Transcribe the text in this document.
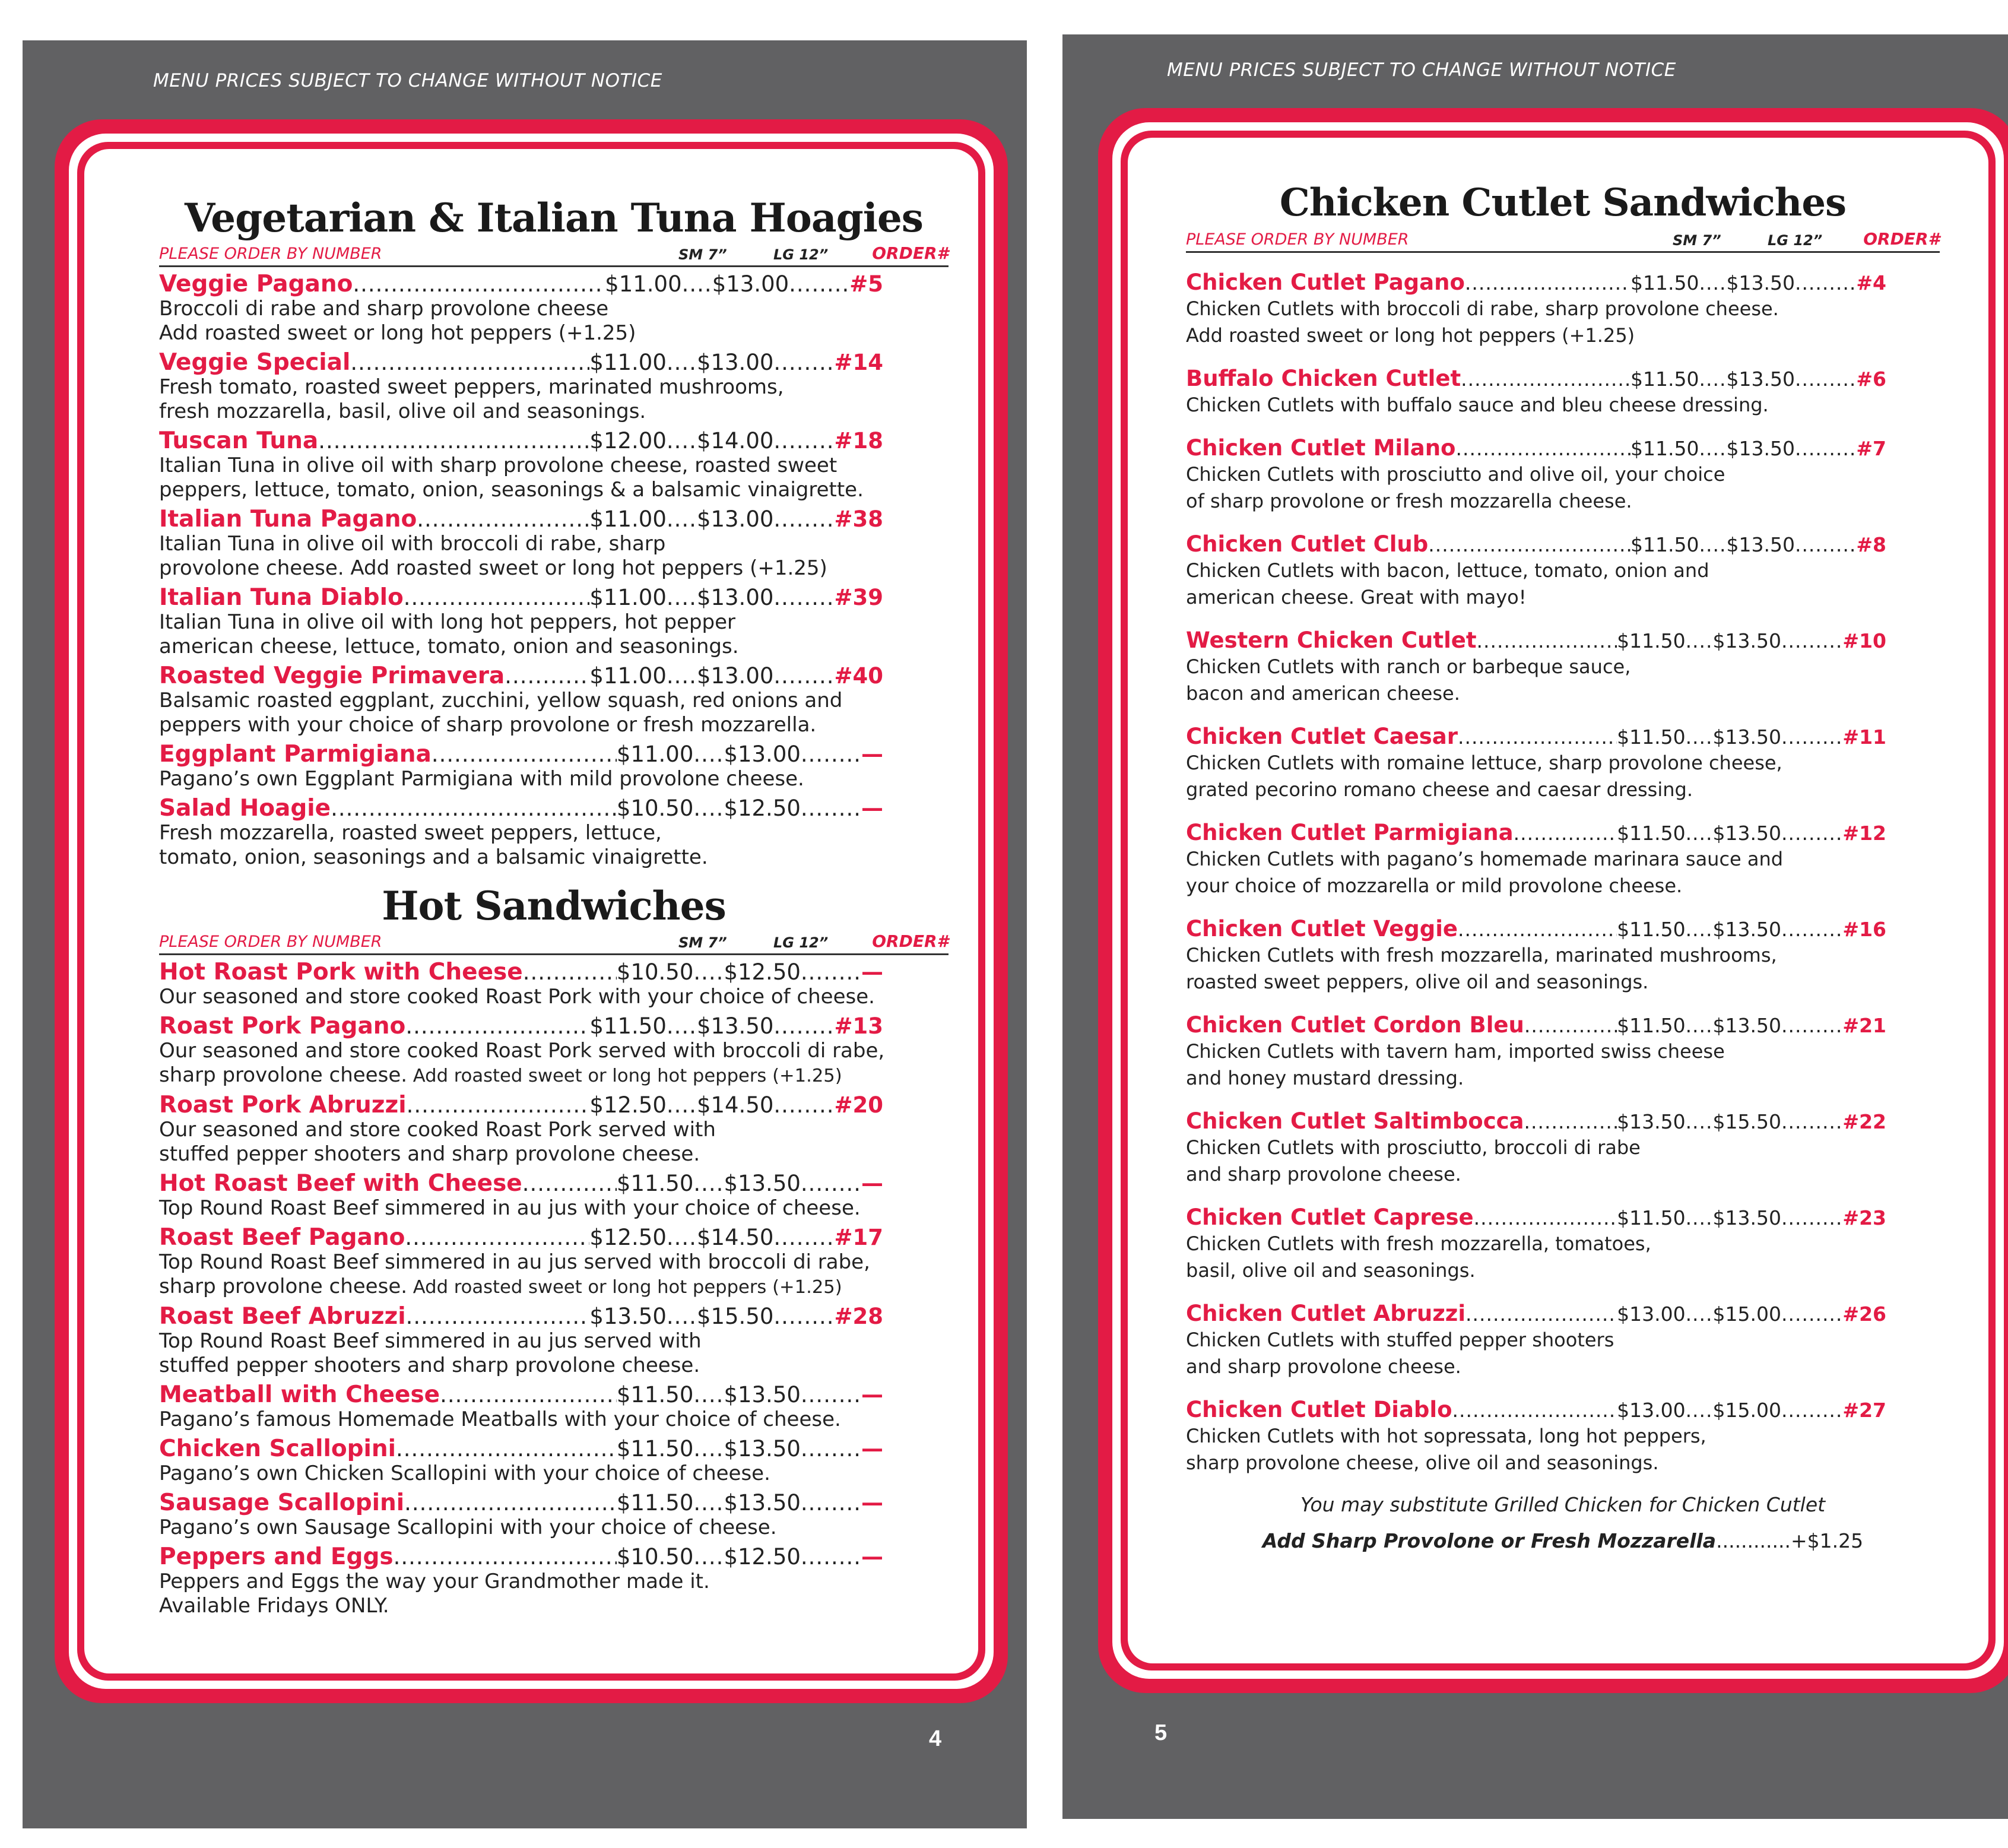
MENU PRICES SUBJECT TO CHANGE WITHOUT NOTICE
Vegetarian & Italian Tuna Hoagies
PLEASE ORDER BY NUMBER	SM 7”	LG 12”	ORDER#
Veggie Pagano .....	$11.00 .... $13.00 ........ #5
Broccoli di rabe and sharp provolone cheese
Add roasted sweet or long hot peppers (+1.25)
Veggie Special .....	$11.00 .... $13.00 ........ #14
Fresh tomato, roasted sweet peppers, marinated mushrooms,
fresh mozzarella, basil, olive oil and seasonings.
Tuscan Tuna .....	$12.00 .... $14.00 ........ #18
Italian Tuna in olive oil with sharp provolone cheese, roasted sweet
peppers, lettuce, tomato, onion, seasonings & a balsamic vinaigrette.
Italian Tuna Pagano .....	$11.00 .... $13.00 ........ #38
Italian Tuna in olive oil with broccoli di rabe, sharp
provolone cheese. Add roasted sweet or long hot peppers (+1.25)
Italian Tuna Diablo .....	$11.00 .... $13.00 ........ #39
Italian Tuna in olive oil with long hot peppers, hot pepper
american cheese, lettuce, tomato, onion and seasonings.
Roasted Veggie Primavera .....	$11.00 .... $13.00 ........ #40
Balsamic roasted eggplant, zucchini, yellow squash, red onions and
peppers with your choice of sharp provolone or fresh mozzarella.
Eggplant Parmigiana .....	$11.00 .... $13.00 ........ —
Pagano’s own Eggplant Parmigiana with mild provolone cheese.
Salad Hoagie .....	$10.50 .... $12.50 ........ —
Fresh mozzarella, roasted sweet peppers, lettuce,
tomato, onion, seasonings and a balsamic vinaigrette.
Hot Sandwiches
PLEASE ORDER BY NUMBER	SM 7”	LG 12”	ORDER#
Hot Roast Pork with Cheese .....	$10.50 .... $12.50 ........ —
Our seasoned and store cooked Roast Pork with your choice of cheese.
Roast Pork Pagano .....	$11.50 .... $13.50 ........ #13
Our seasoned and store cooked Roast Pork served with broccoli di rabe,
sharp provolone cheese. Add roasted sweet or long hot peppers (+1.25)
Roast Pork Abruzzi .....	$12.50 .... $14.50 ........ #20
Our seasoned and store cooked Roast Pork served with
stuffed pepper shooters and sharp provolone cheese.
Hot Roast Beef with Cheese .....	$11.50 .... $13.50 ........ —
Top Round Roast Beef simmered in au jus with your choice of cheese.
Roast Beef Pagano .....	$12.50 .... $14.50 ........ #17
Top Round Roast Beef simmered in au jus served with broccoli di rabe,
sharp provolone cheese. Add roasted sweet or long hot peppers (+1.25)
Roast Beef Abruzzi .....	$13.50 .... $15.50 ........ #28
Top Round Roast Beef simmered in au jus served with
stuffed pepper shooters and sharp provolone cheese.
Meatball with Cheese .....	$11.50 .... $13.50 ........ —
Pagano’s famous Homemade Meatballs with your choice of cheese.
Chicken Scallopini .....	$11.50 .... $13.50 ........ —
Pagano’s own Chicken Scallopini with your choice of cheese.
Sausage Scallopini .....	$11.50 .... $13.50 ........ —
Pagano’s own Sausage Scallopini with your choice of cheese.
Peppers and Eggs .....	$10.50 .... $12.50 ........ —
Peppers and Eggs the way your Grandmother made it.
Available Fridays ONLY.
4
MENU PRICES SUBJECT TO CHANGE WITHOUT NOTICE
Chicken Cutlet Sandwiches
PLEASE ORDER BY NUMBER	SM 7”	LG 12”	ORDER#
Chicken Cutlet Pagano .....	$11.50 .... $13.50 ......... #4
Chicken Cutlets with broccoli di rabe, sharp provolone cheese.
Add roasted sweet or long hot peppers (+1.25)
Buffalo Chicken Cutlet .....	$11.50 .... $13.50 ......... #6
Chicken Cutlets with buffalo sauce and bleu cheese dressing.
Chicken Cutlet Milano .....	$11.50 .... $13.50 ......... #7
Chicken Cutlets with prosciutto and olive oil, your choice
of sharp provolone or fresh mozzarella cheese.
Chicken Cutlet Club .....	$11.50 .... $13.50 ......... #8
Chicken Cutlets with bacon, lettuce, tomato, onion and
american cheese. Great with mayo!
Western Chicken Cutlet .....	$11.50 .... $13.50 ......... #10
Chicken Cutlets with ranch or barbeque sauce,
bacon and american cheese.
Chicken Cutlet Caesar .....	$11.50 .... $13.50 ......... #11
Chicken Cutlets with romaine lettuce, sharp provolone cheese,
grated pecorino romano cheese and caesar dressing.
Chicken Cutlet Parmigiana .....	$11.50 .... $13.50 ......... #12
Chicken Cutlets with pagano’s homemade marinara sauce and
your choice of mozzarella or mild provolone cheese.
Chicken Cutlet Veggie .....	$11.50 .... $13.50 ......... #16
Chicken Cutlets with fresh mozzarella, marinated mushrooms,
roasted sweet peppers, olive oil and seasonings.
Chicken Cutlet Cordon Bleu .....	$11.50 .... $13.50 ......... #21
Chicken Cutlets with tavern ham, imported swiss cheese
and honey mustard dressing.
Chicken Cutlet Saltimbocca .....	$13.50 .... $15.50 ......... #22
Chicken Cutlets with prosciutto, broccoli di rabe
and sharp provolone cheese.
Chicken Cutlet Caprese .....	$11.50 .... $13.50 ......... #23
Chicken Cutlets with fresh mozzarella, tomatoes,
basil, olive oil and seasonings.
Chicken Cutlet Abruzzi .....	$13.00 .... $15.00 ......... #26
Chicken Cutlets with stuffed pepper shooters
and sharp provolone cheese.
Chicken Cutlet Diablo .....	$13.00 .... $15.00 ......... #27
Chicken Cutlets with hot sopressata, long hot peppers,
sharp provolone cheese, olive oil and seasonings.
You may substitute Grilled Chicken for Chicken Cutlet
Add Sharp Provolone or Fresh Mozzarella............+$1.25
5
